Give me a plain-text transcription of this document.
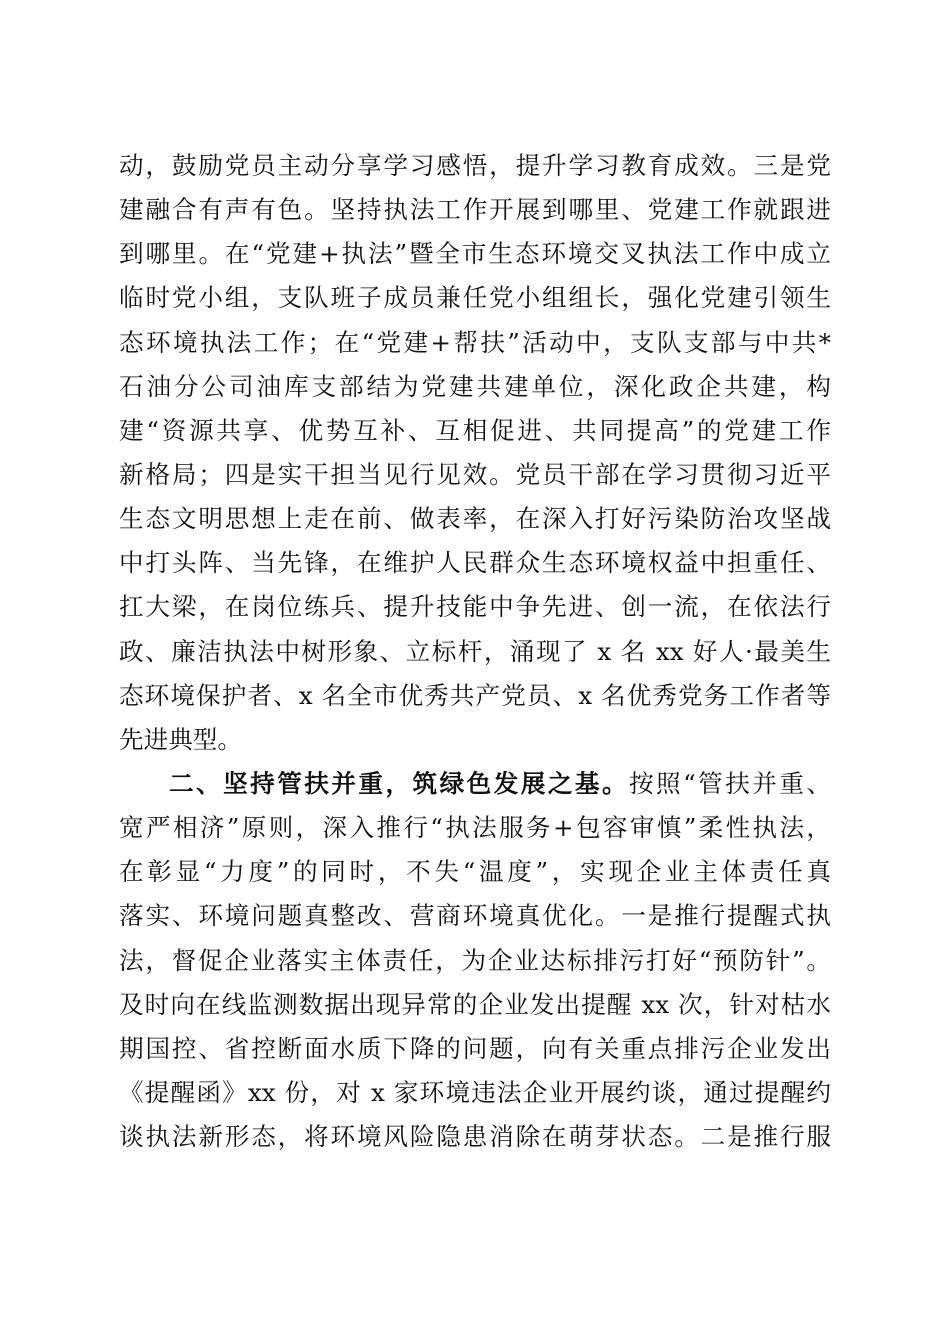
动，鼓励党员主动分享学习感悟，提升学习教育成效。三是党
建融合有声有色。坚持执法工作开展到哪里、党建工作就跟进
到哪里。在“党建+执法”暨全市生态环境交叉执法工作中成立
临时党小组，支队班子成员兼任党小组组长，强化党建引领生
态环境执法工作；在“党建+帮扶”活动中，支队支部与中共*
石油分公司油库支部结为党建共建单位，深化政企共建，构
建“资源共享、优势互补、互相促进、共同提高”的党建工作
新格局；四是实干担当见行见效。党员干部在学习贯彻习近平
生态文明思想上走在前、做表率，在深入打好污染防治攻坚战
中打头阵、当先锋，在维护人民群众生态环境权益中担重任、
扛大梁，在岗位练兵、提升技能中争先进、创一流，在依法行
政、廉洁执法中树形象、立标杆，涌现了 x 名 xx 好人·最美生
态环境保护者、x 名全市优秀共产党员、x 名优秀党务工作者等
先进典型。
二、坚持管扶并重，筑绿色发展之基。按照“管扶并重、
宽严相济”原则，深入推行“执法服务+包容审慎”柔性执法，
在彰显“力度”的同时，不失“温度”，实现企业主体责任真
落实、环境问题真整改、营商环境真优化。一是推行提醒式执
法，督促企业落实主体责任，为企业达标排污打好“预防针”。
及时向在线监测数据出现异常的企业发出提醒 xx 次，针对枯水
期国控、省控断面水质下降的问题，向有关重点排污企业发出
《提醒函》xx 份，对 x 家环境违法企业开展约谈，通过提醒约
谈执法新形态，将环境风险隐患消除在萌芽状态。二是推行服
